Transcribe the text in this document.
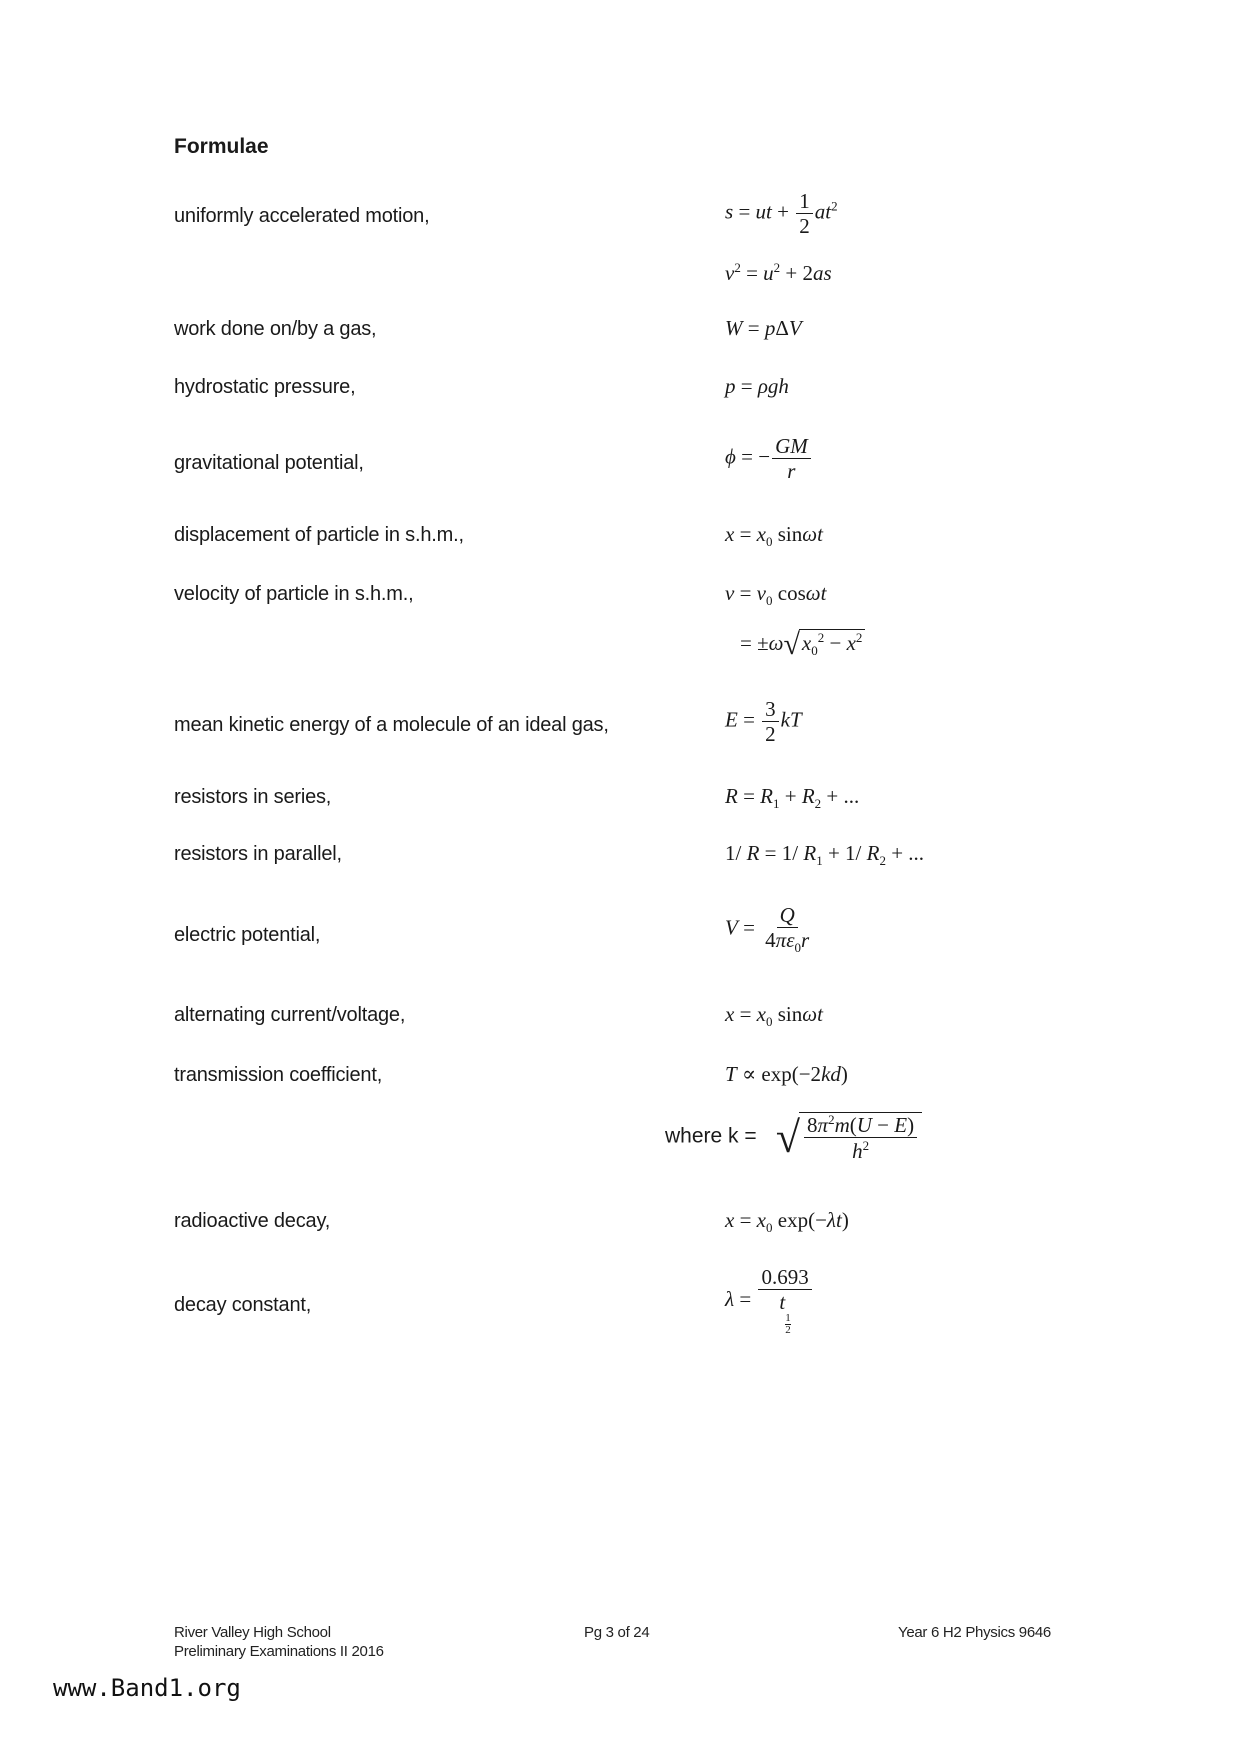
Formulae
uniformly accelerated motion,	s = ut + $\frac{1}{2} at^2$
$v^2 = u^2 + 2as$
work done on/by a gas,	W = pΔV
hydrostatic pressure,	p = ρgh
gravitational potential,	ϕ = − $\frac{GM}{r}$
displacement of particle in s.h.m.,	$x = x_0$ sinωt
velocity of particle in s.h.m.,	$v = v_0$ cosωt
= $\pm\omega√x_0^2 - x^2$
mean kinetic energy of a molecule of an ideal gas,	$E = \frac{3}{2}$ kT
resistors in series,	$R = R_1 + R_2$ + ...
resistors in parallel,	1/ R = 1/ $R_1 + 1/$ $R_2$ + ...
electric potential,	$V = \frac{Q}{4\pi\varepsilon_0r}$
alternating current/voltage,	$x = x_0$ sinωt
transmission coefficient,	T ∝ exp(−2kd)
where k = √ $\frac{8\pi^2m(U - E)}{h^2}$
radioactive decay,	$x = x_0$ exp(−λt)
decay constant,	λ = 0.693
t
$_{\frac{1}{2}}$
River Valley High School
Preliminary Examinations II 2016
Pg 3 of 24	Year 6 H2 Physics 9646
www.Band1.org
